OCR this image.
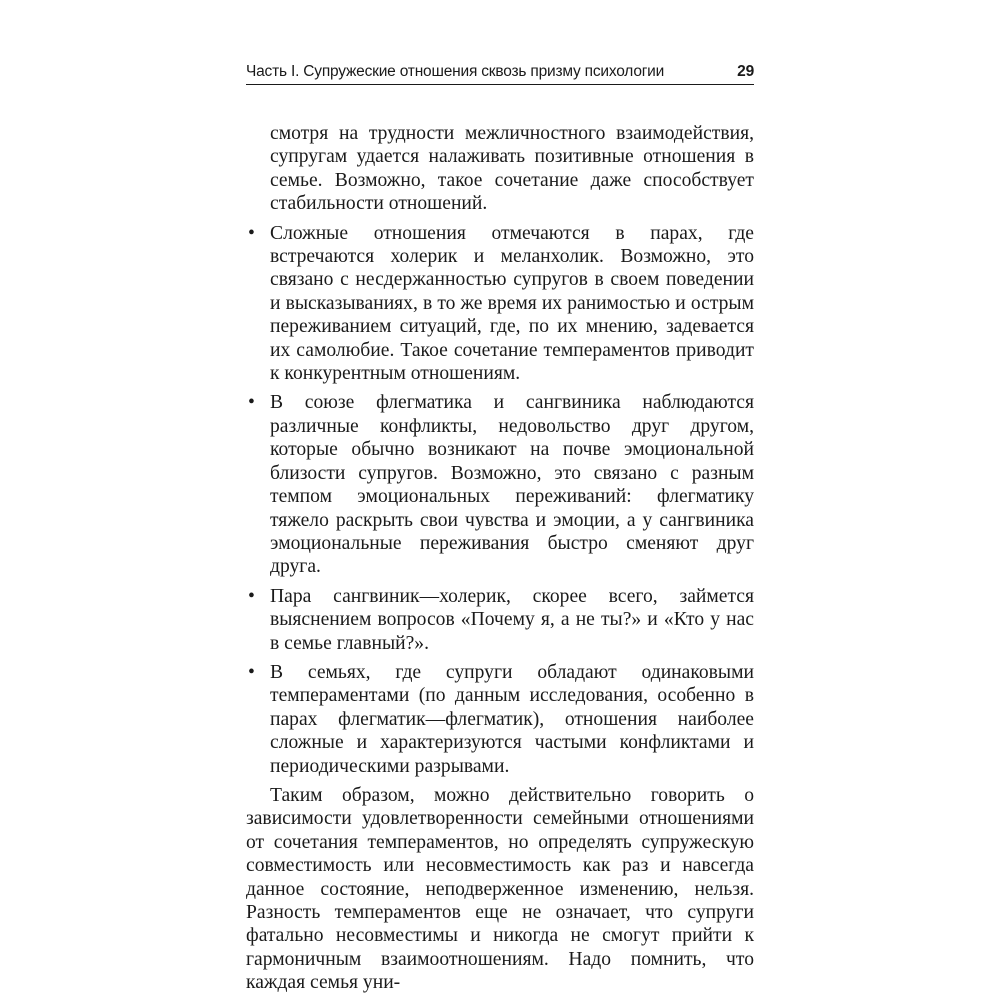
Часть I. Супружеские отношения сквозь призму психологии	29

смотря на трудности межличностного взаимодействия, супругам удается налаживать позитивные отношения в семье. Возможно, такое сочетание даже способствует стабильности отношений.

• Сложные отношения отмечаются в парах, где встречаются холерик и меланхолик. Возможно, это связано с несдержанностью супругов в своем поведении и высказываниях, в то же время их ранимостью и острым переживанием ситуаций, где, по их мнению, задевается их самолюбие. Такое сочетание темпераментов приводит к конкурентным отношениям.
• В союзе флегматика и сангвиника наблюдаются различные конфликты, недовольство друг другом, которые обычно возникают на почве эмоциональной близости супругов. Возможно, это связано с разным темпом эмоциональных переживаний: флегматику тяжело раскрыть свои чувства и эмоции, а у сангвиника эмоциональные переживания быстро сменяют друг друга.
• Пара сангвиник—холерик, скорее всего, займется выяснением вопросов «Почему я, а не ты?» и «Кто у нас в семье главный?».
• В семьях, где супруги обладают одинаковыми темпераментами (по данным исследования, особенно в парах флегматик—флегматик), отношения наиболее сложные и характеризуются частыми конфликтами и периодическими разрывами.

Таким образом, можно действительно говорить о зависимости удовлетворенности семейными отношениями от сочетания темпераментов, но определять супружескую совместимость или несовместимость как раз и навсегда данное состояние, неподверженное изменению, нельзя. Разность темпераментов еще не означает, что супруги фатально несовместимы и никогда не смогут прийти к гармоничным взаимоотношениям. Надо помнить, что каждая семья уни-
